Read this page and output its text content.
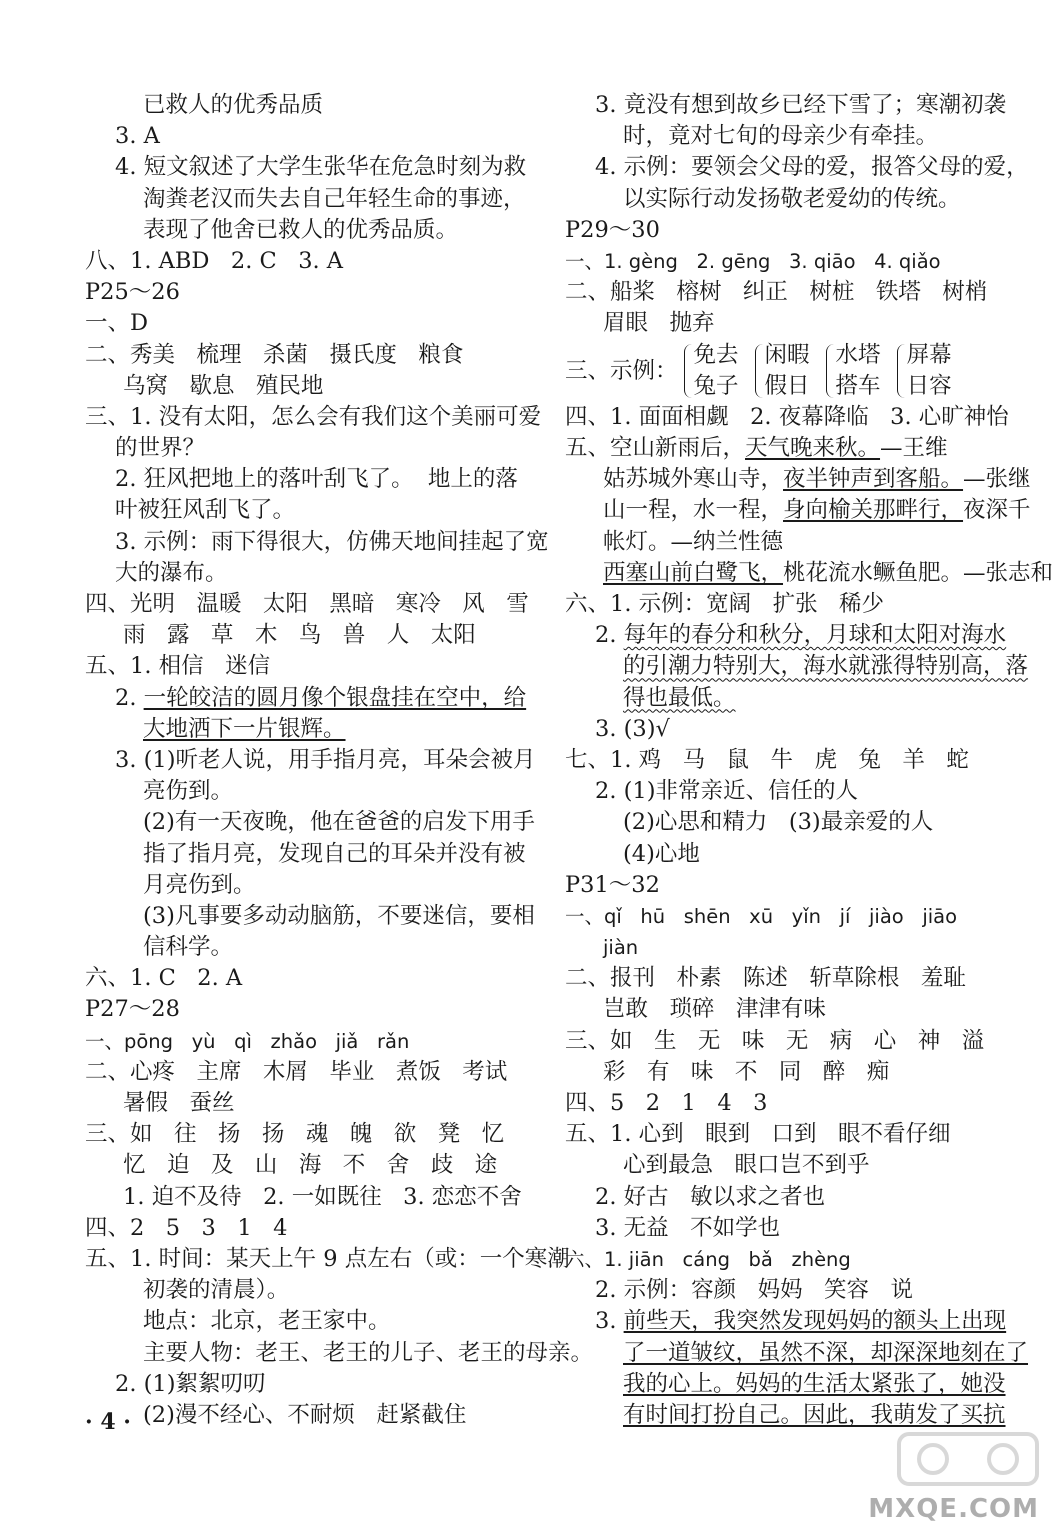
已救人的优秀品质
3. A
4. 短文叙述了大学生张华在危急时刻为救
淘粪老汉而失去自己年轻生命的事迹，
表现了他舍已救人的优秀品质。
八、1. ABD   2. C   3. A
P25～26
一、D
二、秀美   梳理   杀菌   摄氏度   粮食
乌窝   歇息   殖民地
三、1. 没有太阳，怎么会有我们这个美丽可爱
的世界？
2. 狂风把地上的落叶刮飞了。  地上的落
叶被狂风刮飞了。
3. 示例：雨下得很大，仿佛天地间挂起了宽
大的瀑布。
四、光明   温暖   太阳   黑暗   寒冷   风   雪
雨   露   草   木   鸟   兽   人   太阳
五、1. 相信   迷信
2. 一轮皎洁的圆月像个银盘挂在空中，给
大地洒下一片银辉。
3. (1)听老人说，用手指月亮，耳朵会被月
亮伤到。
(2)有一天夜晚，他在爸爸的启发下用手
指了指月亮，发现自己的耳朵并没有被
月亮伤到。
(3)凡事要多动动脑筋，不要迷信，要相
信科学。
六、1. C   2. A
P27～28
一、pōng   yù   qì   zhǎo   jiǎ   rǎn
二、心疼   主席   木屑   毕业   煮饭   考试
暑假   蚕丝
三、如   往   扬   扬   魂   魄   欲   凳   忆
忆   迫   及   山   海   不   舍   歧   途
1. 迫不及待   2. 一如既往   3. 恋恋不舍
四、2   5   3   1   4
五、1. 时间：某天上午 9 点左右（或：一个寒潮
初袭的清晨）。
地点：北京，老王家中。
主要人物：老王、老王的儿子、老王的母亲。
2. (1)絮絮叨叨
(2)漫不经心、不耐烦   赶紧截住
3. 竟没有想到故乡已经下雪了；寒潮初袭
时，竟对七旬的母亲少有牵挂。
4. 示例：要领会父母的爱，报答父母的爱，
以实际行动发扬敬老爱幼的传统。
P29～30
一、1. gèng   2. gēng   3. qiāo   4. qiǎo
二、船桨   榕树   纠正   树桩   铁塔   树梢
眉眼   抛弃
三、示例：
免去
兔子
闲暇
假日
水塔
搭车
屏幕
日容
四、1. 面面相觑   2. 夜幕降临   3. 心旷神怡
五、空山新雨后，天气晚来秋。—王维
姑苏城外寒山寺，夜半钟声到客船。—张继
山一程，水一程，身向榆关那畔行，夜深千
帐灯。—纳兰性德
西塞山前白鹭飞，桃花流水鳜鱼肥。—张志和
六、1. 示例：宽阔   扩张   稀少
2. 每年的春分和秋分，月球和太阳对海水
的引潮力特别大，海水就涨得特别高，落
得也最低。
3. (3)√
七、1. 鸡   马   鼠   牛   虎   兔   羊   蛇
2. (1)非常亲近、信任的人
(2)心思和精力   (3)最亲爱的人
(4)心地
P31～32
一、qǐ   hū   shēn   xū   yǐn   jí   jiào   jiāo
jiàn
二、报刊   朴素   陈述   斩草除根   羞耻
岂敢   琐碎   津津有味
三、如   生   无   味   无   病   心   神   溢
彩   有   味   不   同   醉   痴
四、5   2   1   4   3
五、1. 心到   眼到   口到   眼不看仔细
心到最急   眼口岂不到乎
2. 好古   敏以求之者也
3. 无益   不如学也
六、1. jiān   cáng   bǎ   zhèng
2. 示例：容颜   妈妈   笑容   说
3. 前些天，我突然发现妈妈的额头上出现
了一道皱纹，虽然不深，却深深地刻在了
我的心上。妈妈的生活太紧张了，她没
有时间打扮自己。因此，我萌发了买抗
· 4 ·
MXQE.COM
